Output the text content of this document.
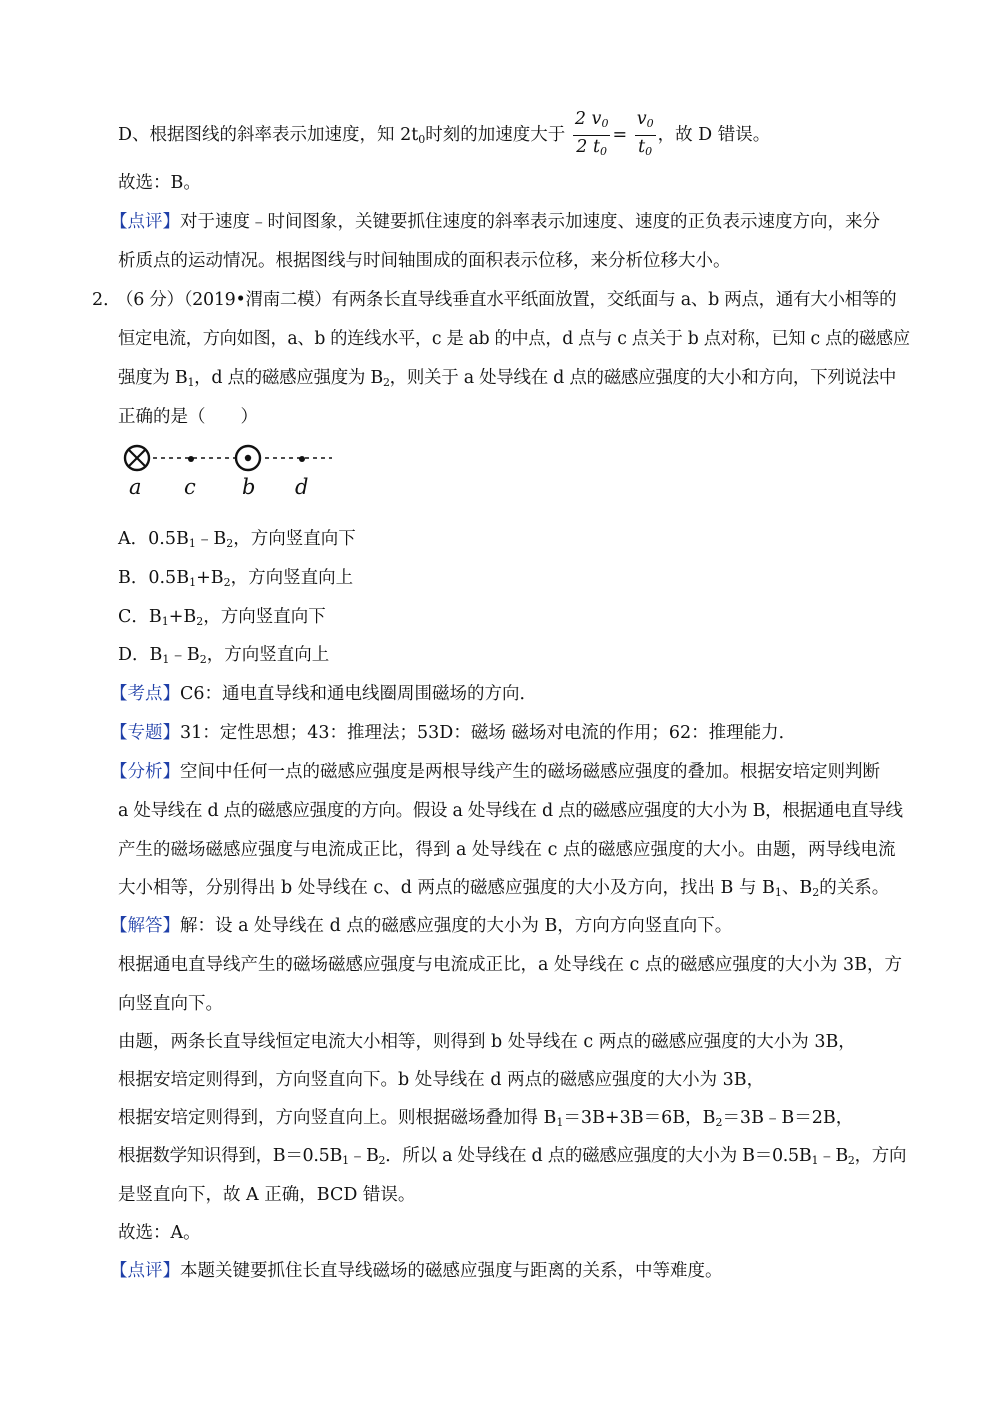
D、根据图线的斜率表示加速度，知 $2t_0$时刻的加速度大于 $\frac{2 v_0}{2 t_0} = \frac{v_0}{t_0}$ ，故 D 错误。
故选：B。
【点评】对于速度﹣时间图象，关键要抓住速度的斜率表示加速度、速度的正负表示速度方向，来分
析质点的运动情况。根据图线与时间轴围成的面积表示位移，来分析位移大小。
2．
（6 分）（2019•渭南二模）有两条长直导线垂直水平纸面放置，交纸面与 a、b 两点，通有大小相等的
恒定电流，方向如图，a、b 的连线水平，c 是 ab 的中点，d 点与 c 点关于 b 点对称，已知 c 点的磁感应
强度为 $B_1$，d 点的磁感应强度为 $B_2$，则关于 a 处导线在 d 点的磁感应强度的大小和方向，下列说法中
正确的是（　　）
a c b d
A．$0.5B_1﹣B_2$，方向竖直向下
B．$0.5B_1+B_2$，方向竖直向上
C．$B_1+B_2$，方向竖直向下
D．$B_1﹣B_2$，方向竖直向上
【考点】C6：通电直导线和通电线圈周围磁场的方向．
【专题】31：定性思想；43：推理法；53D：磁场 磁场对电流的作用；62：推理能力．
【分析】空间中任何一点的磁感应强度是两根导线产生的磁场磁感应强度的叠加。根据安培定则判断
a 处导线在 d 点的磁感应强度的方向。假设 a 处导线在 d 点的磁感应强度的大小为 B，根据通电直导线
产生的磁场磁感应强度与电流成正比，得到 a 处导线在 c 点的磁感应强度的大小。由题，两导线电流
大小相等，分别得出 b 处导线在 c、d 两点的磁感应强度的大小及方向，找出 B 与 $B_1$、$B_2$的关系。
【解答】解：设 a 处导线在 d 点的磁感应强度的大小为 B，方向方向竖直向下。
根据通电直导线产生的磁场磁感应强度与电流成正比，a 处导线在 c 点的磁感应强度的大小为 3B，方
向竖直向下。
由题，两条长直导线恒定电流大小相等，则得到 b 处导线在 c 两点的磁感应强度的大小为 3B，
根据安培定则得到，方向竖直向下。b 处导线在 d 两点的磁感应强度的大小为 3B，
根据安培定则得到，方向竖直向上。则根据磁场叠加得 $B_1=3B+3B=6B$，$B_2=3B﹣B=2B$，
根据数学知识得到，$B=0.5B_1﹣B_2$．所以 a 处导线在 d 点的磁感应强度的大小为 $B=0.5B_1﹣B_2$，方向
是竖直向下，故 A 正确，BCD 错误。
故选：A。
【点评】本题关键要抓住长直导线磁场的磁感应强度与距离的关系，中等难度。
